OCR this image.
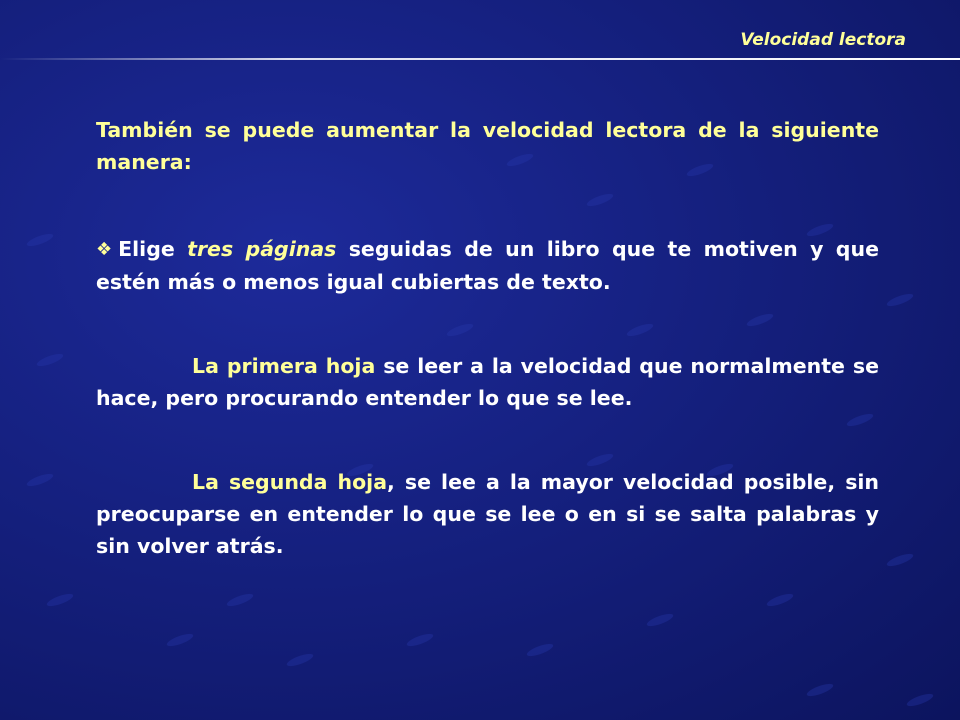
Velocidad lectora

También se puede aumentar la velocidad lectora de la siguiente manera:

❖ Elige tres páginas seguidas de un libro que te motiven y que estén más o menos igual cubiertas de texto.

La primera hoja se leer a la velocidad que normalmente se hace, pero procurando entender lo que se lee.

La segunda hoja, se lee a la mayor velocidad posible, sin preocuparse en entender lo que se lee o en si se salta palabras y sin volver atrás.
